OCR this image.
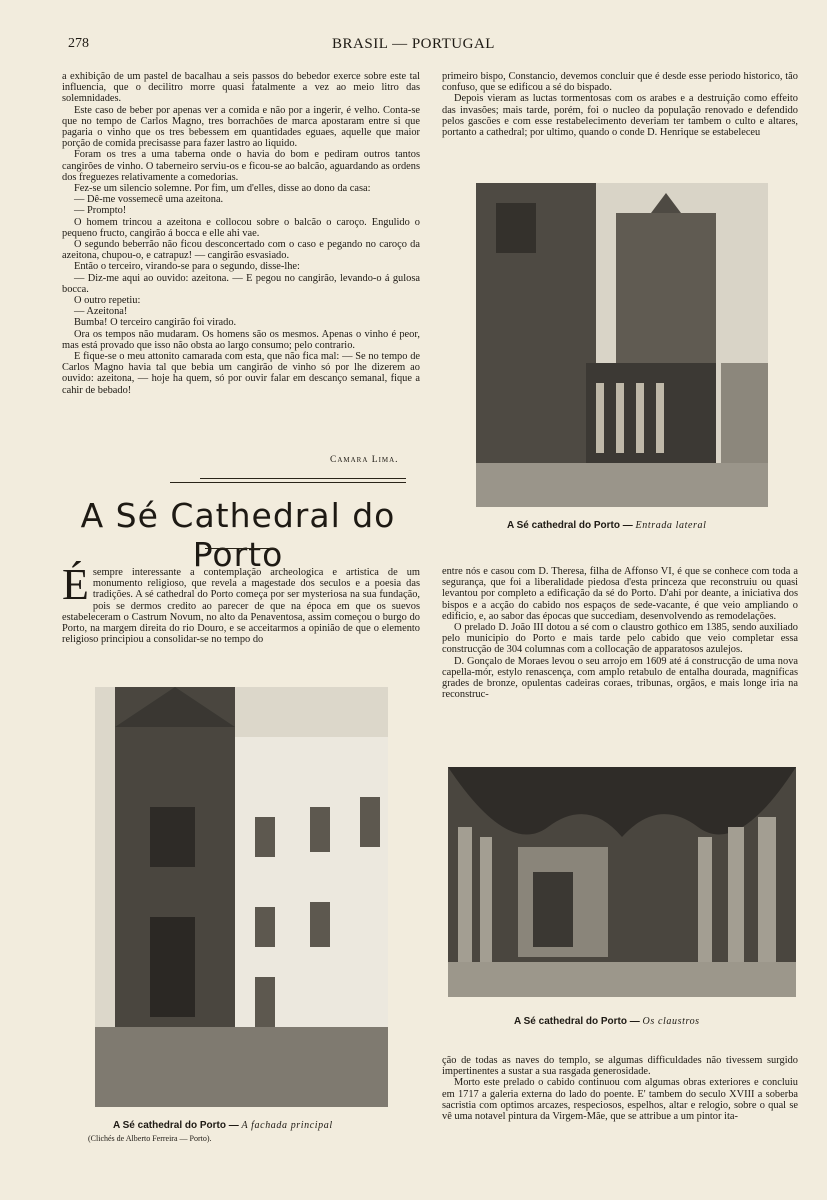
278	BRASIL — PORTUGAL

a exhibição de um pastel de bacalhau a seis passos do bebedor exerce sobre este tal influencia, que o decilitro morre quasi fatalmente a vez ao meio litro das solemnidades.

Este caso de beber por apenas ver a comida e não por a ingerir, é velho. Conta-se que no tempo de Carlos Magno, tres borrachões de marca apostaram entre si que pagaria o vinho que os tres bebessem em quantidades eguaes, aquelle que maior porção de comida precisasse para fazer lastro ao liquido.

Foram os tres a uma taberna onde o havia do bom e pediram outros tantos cangirões de vinho. O taberneiro serviu-os e ficou-se ao balcão, aguardando as ordens dos freguezes relativamente a comedorias.

Fez-se um silencio solemne. Por fim, um d'elles, disse ao dono da casa:

— Dê-me vossemecê uma azeitona.

— Prompto!

O homem trincou a azeitona e collocou sobre o balcão o caroço. Engulido o pequeno fructo, cangirão á bocca e elle ahi vae.

O segundo beberrão não ficou desconcertado com o caso e pegando no caroço da azeitona, chupou-o, e catrapuz! — cangirão esvasiado.

Então o terceiro, virando-se para o segundo, disse-lhe:

— Diz-me aqui ao ouvido: azeitona. — E pegou no cangirão, levando-o á gulosa bocca.

O outro repetiu:

— Azeitona!

Bumba! O terceiro cangirão foi virado.

Ora os tempos não mudaram. Os homens são os mesmos. Apenas o vinho é peor, mas está provado que isso não obsta ao largo consumo; pelo contrario.

E fique-se o meu attonito camarada com esta, que não fica mal: — Se no tempo de Carlos Magno havia tal que bebia um cangirão de vinho só por lhe dizerem ao ouvido: azeitona, — hoje ha quem, só por ouvir falar em descanço semanal, fique a cahir de bebado!

Camara Lima.
A Sé Cathedral do Porto
É sempre interessante a contemplação archeologica e artistica de um monumento religioso, que revela a magestade dos seculos e a poesia das tradições. A sé cathedral do Porto começa por ser mysteriosa na sua fundação, pois se dermos credito ao parecer de que na época em que os suevos estabeleceram o Castrum Novum, no alto da Penaventosa, assim começou o burgo do Porto, na margem direita do rio Douro, e se acceitarmos a opinião de que o elemento religioso principiou a consolidar-se no tempo do

primeiro bispo, Constancio, devemos concluir que é desde esse periodo historico, tão confuso, que se edificou a sé do bispado.

Depois vieram as luctas tormentosas com os arabes e a destruição como effeito das invasões; mais tarde, porém, foi o nucleo da população renovado e defendido pelos gascões e com esse restabelecimento deveriam ter tambem o culto e altares, portanto a cathedral; por ultimo, quando o conde D. Henrique se estabeleceu

A Sé cathedral do Porto — Entrada lateral

entre nós e casou com D. Theresa, filha de Affonso VI, é que se conhece com toda a segurança, que foi a liberalidade piedosa d'esta princeza que reconstruiu ou quasi levantou por completo a edificação da sé do Porto. D'ahi por deante, a iniciativa dos bispos e a acção do cabido nos espaços de sede-vacante, é que veio ampliando o edificio, e, ao sabor das épocas que succediam, desenvolvendo as remodelações.

O prelado D. João III dotou a sé com o claustro gothico em 1385, sendo auxiliado pelo municipio do Porto e mais tarde pelo cabido que veio completar essa construcção de 304 columnas com a collocação de apparatosos azulejos.

D. Gonçalo de Moraes levou o seu arrojo em 1609 até á construcção de uma nova capella-mór, estylo renascença, com amplo retabulo de entalha dourada, magnificas grades de bronze, opulentas cadeiras coraes, tribunas, orgãos, e mais longe iria na reconstruc-

A Sé cathedral do Porto — A fachada principal
(Clichés de Alberto Ferreira — Porto).
A Sé cathedral do Porto — Os claustros

ção de todas as naves do templo, se algumas difficuldades não tivessem surgido impertinentes a sustar a sua rasgada generosidade.

Morto este prelado o cabido continuou com algumas obras exteriores e concluiu em 1717 a galeria externa do lado do poente. E' tambem do seculo XVIII a soberba sacristia com optimos arcazes, respeciosos, espelhos, altar e relogio, sobre o qual se vê uma notavel pintura da Virgem-Mãe, que se attribue a um pintor ita-
